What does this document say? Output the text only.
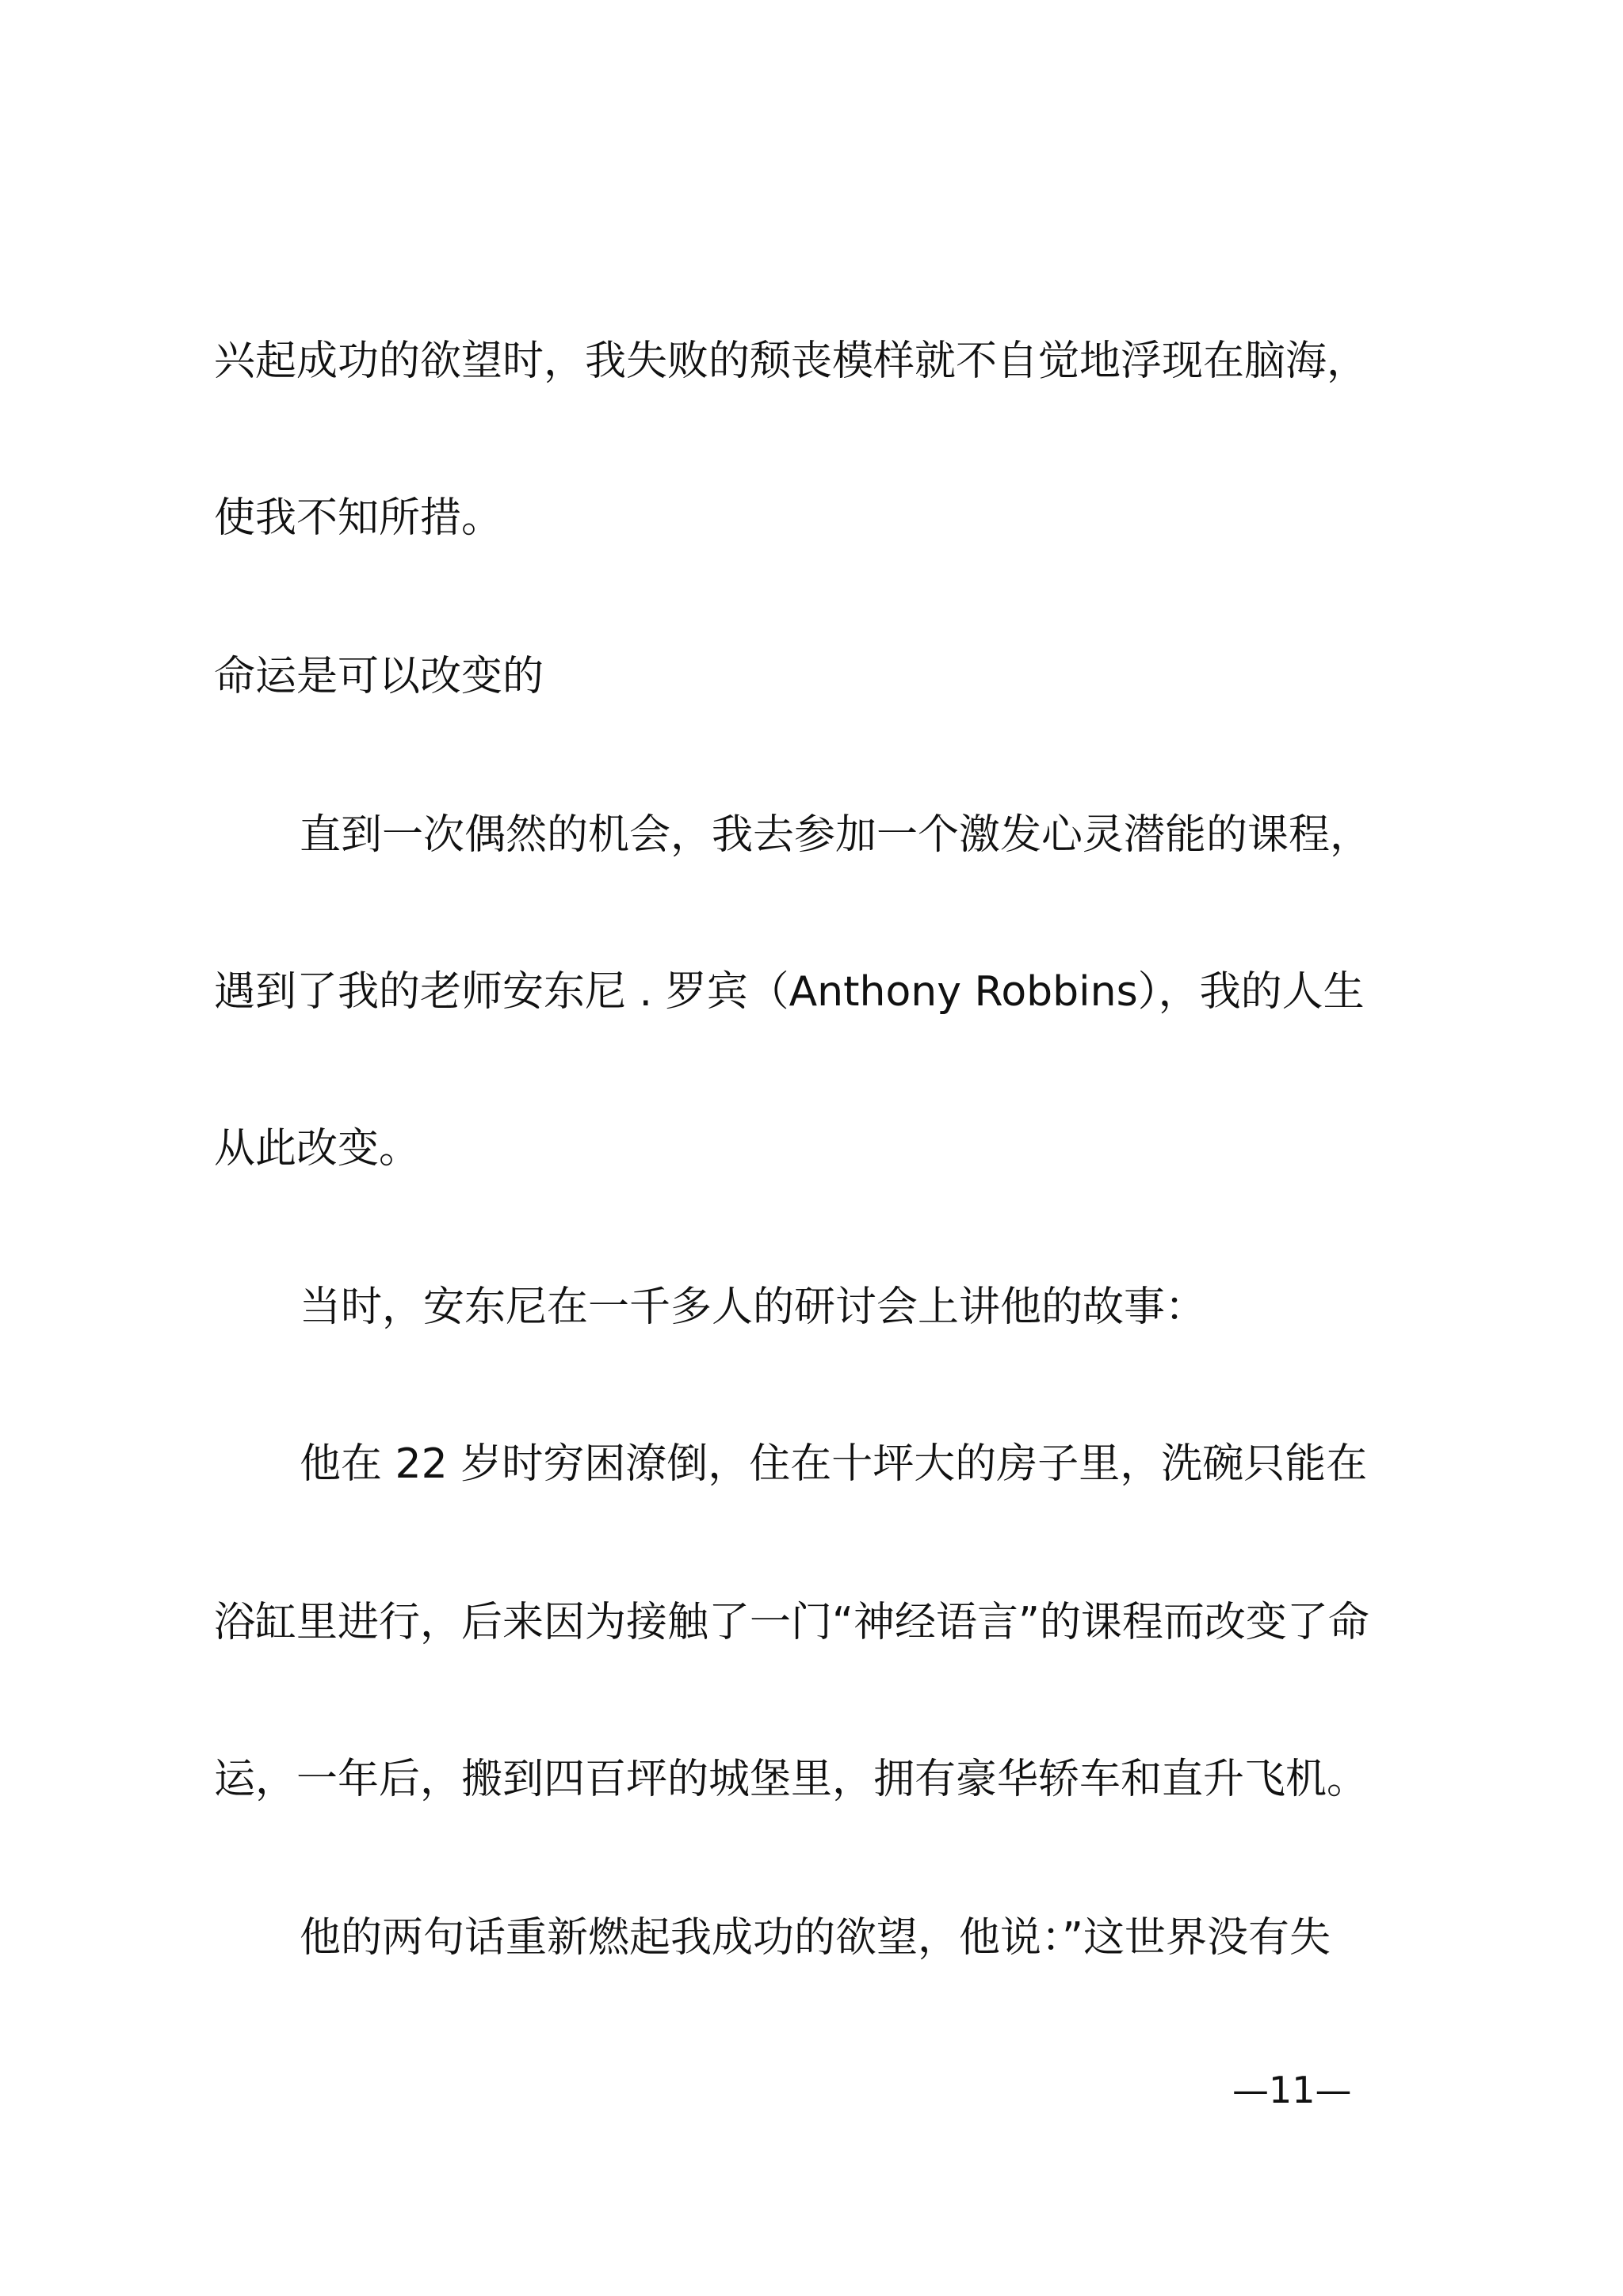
兴起成功的欲望时，我失败的颓丧模样就不自觉地浮现在脑海，
使我不知所措。
命运是可以改变的
直到一次偶然的机会，我去参加一个激发心灵潜能的课程，
遇到了我的老师安东尼 . 罗宾（Anthony Robbins），我的人生
从此改变。
当时，安东尼在一千多人的研讨会上讲他的故事：
他在 22 岁时穷困潦倒，住在十坪大的房子里，洗碗只能在
浴缸里进行，后来因为接触了一门“神经语言”的课程而改变了命
运，一年后，搬到四百坪的城堡里，拥有豪华轿车和直升飞机。
他的两句话重新燃起我成功的欲望，他说：”这世界没有失
—11—
